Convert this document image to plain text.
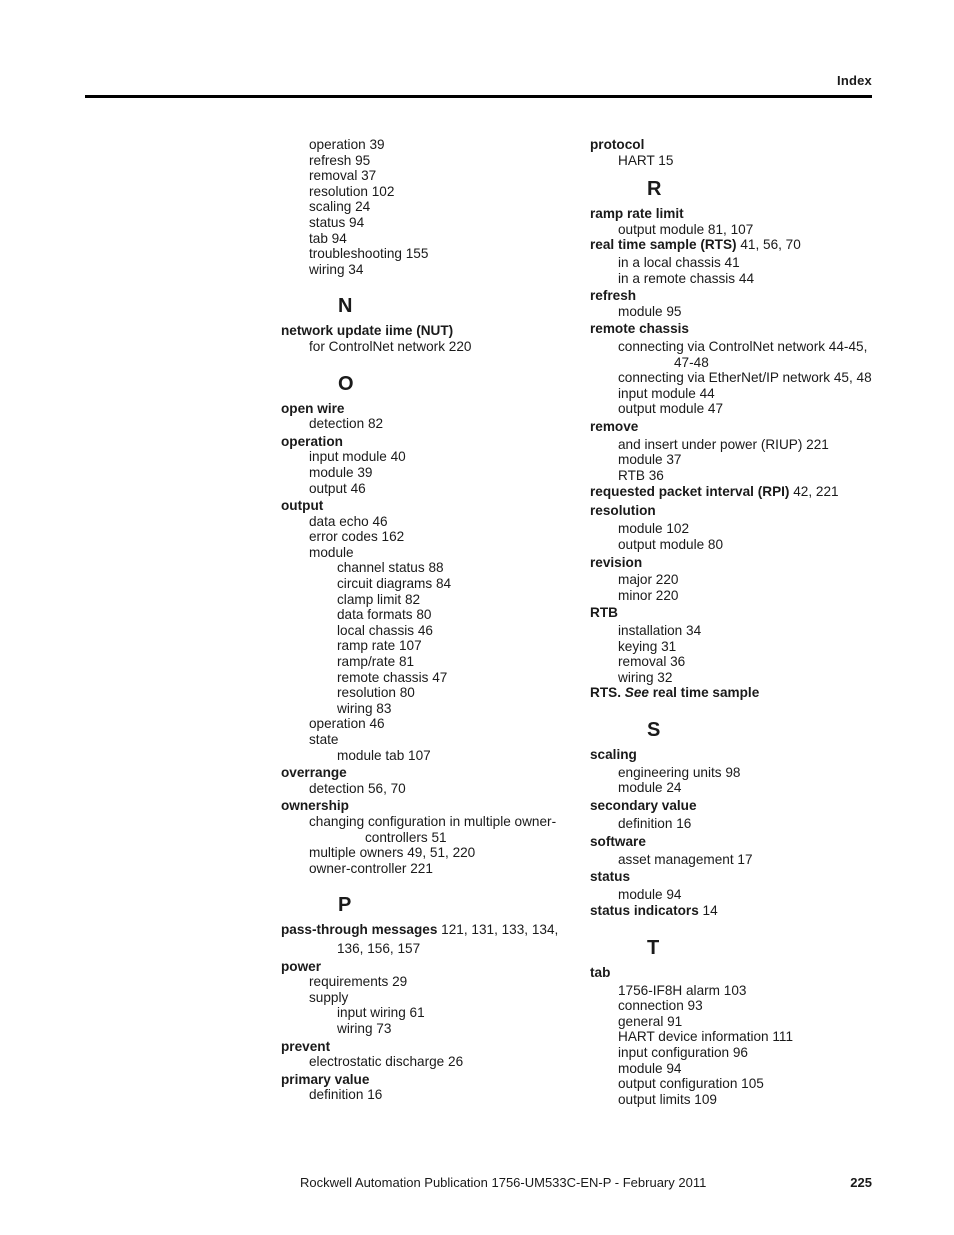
Index
operation 39
refresh 95
removal 37
resolution 102
scaling 24
status 94
tab 94
troubleshooting 155
wiring 34
N
network update iime (NUT)
for ControlNet network 220
O
open wire
detection 82
operation
input module 40
module 39
output 46
output
data echo 46
error codes 162
module
channel status 88
circuit diagrams 84
clamp limit 82
data formats 80
local chassis 46
ramp rate 107
ramp/rate 81
remote chassis 47
resolution 80
wiring 83
operation 46
state
module tab 107
overrange
detection 56, 70
ownership
changing configuration in multiple owner-
controllers 51
multiple owners 49, 51, 220
owner-controller 221
P
pass-through messages 121, 131, 133, 134,
136, 156, 157
power
requirements 29
supply
input wiring 61
wiring 73
prevent
electrostatic discharge 26
primary value
definition 16
protocol
HART 15
R
ramp rate limit
output module 81, 107
real time sample (RTS) 41, 56, 70
in a local chassis 41
in a remote chassis 44
refresh
module 95
remote chassis
connecting via ControlNet network 44-45,
47-48
connecting via EtherNet/IP network 45, 48
input module 44
output module 47
remove
and insert under power (RIUP) 221
module 37
RTB 36
requested packet interval (RPI) 42, 221
resolution
module 102
output module 80
revision
major 220
minor 220
RTB
installation 34
keying 31
removal 36
wiring 32
RTS. See real time sample
S
scaling
engineering units 98
module 24
secondary value
definition 16
software
asset management 17
status
module 94
status indicators 14
T
tab
1756-IF8H alarm 103
connection 93
general 91
HART device information 111
input configuration 96
module 94
output configuration 105
output limits 109
Rockwell Automation Publication 1756-UM533C-EN-P - February 2011	225
